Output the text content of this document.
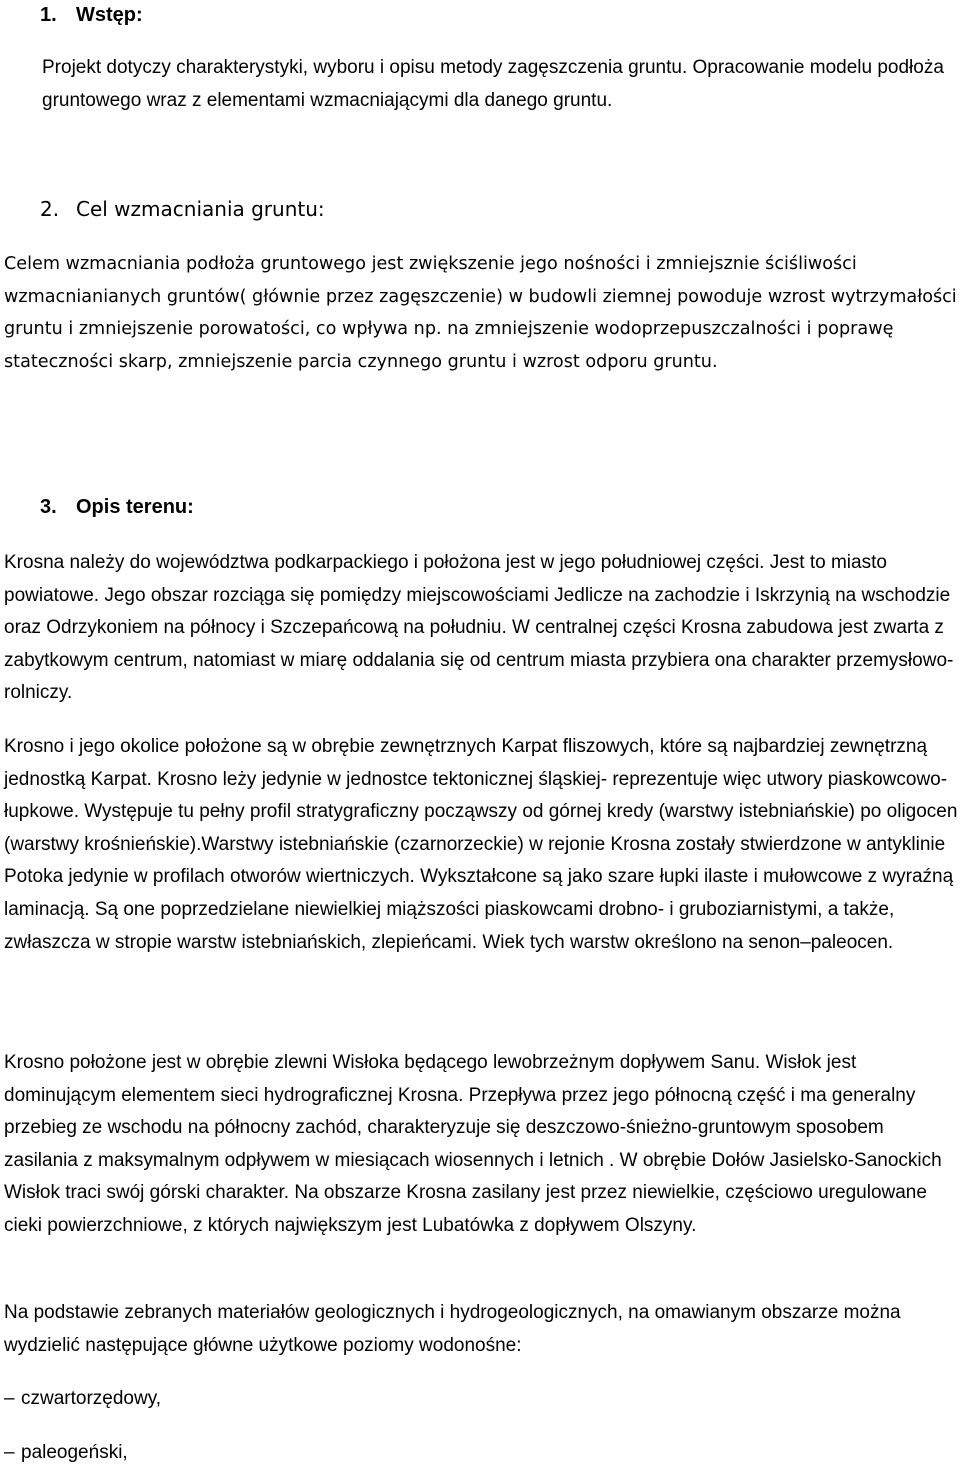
1. Wstęp:

Projekt dotyczy charakterystyki, wyboru i opisu metody zagęszczenia gruntu. Opracowanie modelu podłoża gruntowego wraz z elementami wzmacniającymi dla danego gruntu.

2. Cel wzmacniania gruntu:

Celem wzmacniania podłoża gruntowego jest zwiększenie jego nośności i zmniejsznie ściśliwości wzmacnianianych gruntów( głównie przez zagęszczenie) w budowli ziemnej powoduje wzrost wytrzymałości gruntu i zmniejszenie porowatości, co wpływa np. na zmniejszenie wodoprzepuszczalności i poprawę stateczności skarp, zmniejszenie parcia czynnego gruntu i wzrost odporu gruntu.

3. Opis terenu:

Krosna należy do województwa podkarpackiego i położona jest w jego południowej części. Jest to miasto powiatowe. Jego obszar rozciąga się pomiędzy miejscowościami Jedlicze na zachodzie i Iskrzynią na wschodzie oraz Odrzykoniem na północy i Szczepańcową na południu. W centralnej części Krosna zabudowa jest zwarta z zabytkowym centrum, natomiast w miarę oddalania się od centrum miasta przybiera ona charakter przemysłowo-rolniczy.

Krosno i jego okolice położone są w obrębie zewnętrznych Karpat fliszowych, które są najbardziej zewnętrzną jednostką Karpat. Krosno leży jedynie w jednostce tektonicznej śląskiej- reprezentuje więc utwory piaskowcowo-łupkowe. Występuje tu pełny profil stratygraficzny począwszy od górnej kredy (warstwy istebniańskie) po oligocen (warstwy krośnieńskie).Warstwy istebniańskie (czarnorzeckie) w rejonie Krosna zostały stwierdzone w antyklinie Potoka jedynie w profilach otworów wiertniczych. Wykształcone są jako szare łupki ilaste i mułowcowe z wyraźną laminacją. Są one poprzedzielane niewielkiej miąższości piaskowcami drobno- i gruboziarnistymi, a także, zwłaszcza w stropie warstw istebniańskich, zlepieńcami. Wiek tych warstw określono na senon–paleocen.

Krosno położone jest w obrębie zlewni Wisłoka będącego lewobrzeżnym dopływem Sanu. Wisłok jest dominującym elementem sieci hydrograficznej Krosna. Przepływa przez jego północną część i ma generalny przebieg ze wschodu na północny zachód, charakteryzuje się deszczowo-śnieżno-gruntowym sposobem zasilania z maksymalnym odpływem w miesiącach wiosennych i letnich . W obrębie Dołów Jasielsko-Sanockich Wisłok traci swój górski charakter. Na obszarze Krosna zasilany jest przez niewielkie, częściowo uregulowane cieki powierzchniowe, z których największym jest Lubatówka z dopływem Olszyny.

Na podstawie zebranych materiałów geologicznych i hydrogeologicznych, na omawianym obszarze można wydzielić następujące główne użytkowe poziomy wodonośne:

– czwartorzędowy,
– paleogeński,
